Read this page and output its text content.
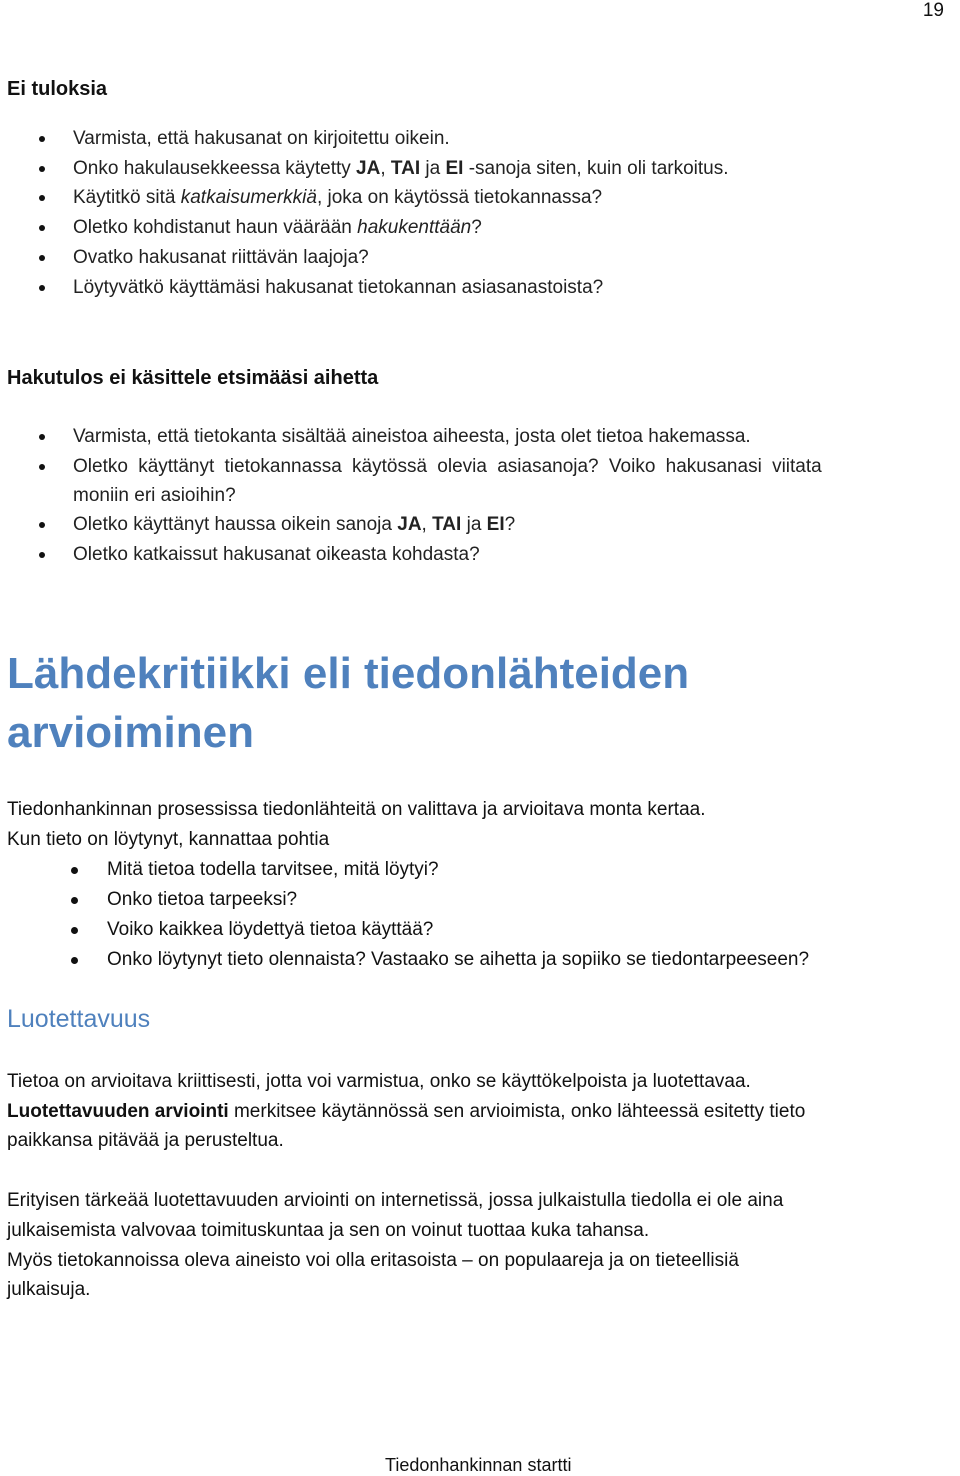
19
Ei tuloksia
Varmista, että hakusanat on kirjoitettu oikein.
Onko hakulausekkeessa käytetty JA, TAI ja EI -sanoja siten, kuin oli tarkoitus.
Käytitkö sitä katkaisumerkkiä, joka on käytössä tietokannassa?
Oletko kohdistanut haun väärään hakukenttään?
Ovatko hakusanat riittävän laajoja?
Löytyvätkö käyttämäsi hakusanat tietokannan asiasanastoista?
Hakutulos ei käsittele etsimääsi aihetta
Varmista, että tietokanta sisältää aineistoa aiheesta, josta olet tietoa hakemassa.
Oletko käyttänyt tietokannassa käytössä olevia asiasanoja? Voiko hakusanasi viitata
moniin eri asioihin?
Oletko käyttänyt haussa oikein sanoja JA, TAI ja EI?
Oletko katkaissut hakusanat oikeasta kohdasta?
Lähdekritiikki eli tiedonlähteiden
arvioiminen
Tiedonhankinnan prosessissa tiedonlähteitä on valittava ja arvioitava monta kertaa.
Kun tieto on löytynyt, kannattaa pohtia
Mitä tietoa todella tarvitsee, mitä löytyi?
Onko tietoa tarpeeksi?
Voiko kaikkea löydettyä tietoa käyttää?
Onko löytynyt tieto olennaista? Vastaako se aihetta ja sopiiko se tiedontarpeeseen?
Luotettavuus
Tietoa on arvioitava kriittisesti, jotta voi varmistua, onko se käyttökelpoista ja luotettavaa.
Luotettavuuden arviointi merkitsee käytännössä sen arvioimista, onko lähteessä esitetty tieto
paikkansa pitävää ja perusteltua.
Erityisen tärkeää luotettavuuden arviointi on internetissä, jossa julkaistulla tiedolla ei ole aina
julkaisemista valvovaa toimituskuntaa ja sen on voinut tuottaa kuka tahansa.
Myös tietokannoissa oleva aineisto voi olla eritasoista – on populaareja ja on tieteellisiä
julkaisuja.
Tiedonhankinnan startti
